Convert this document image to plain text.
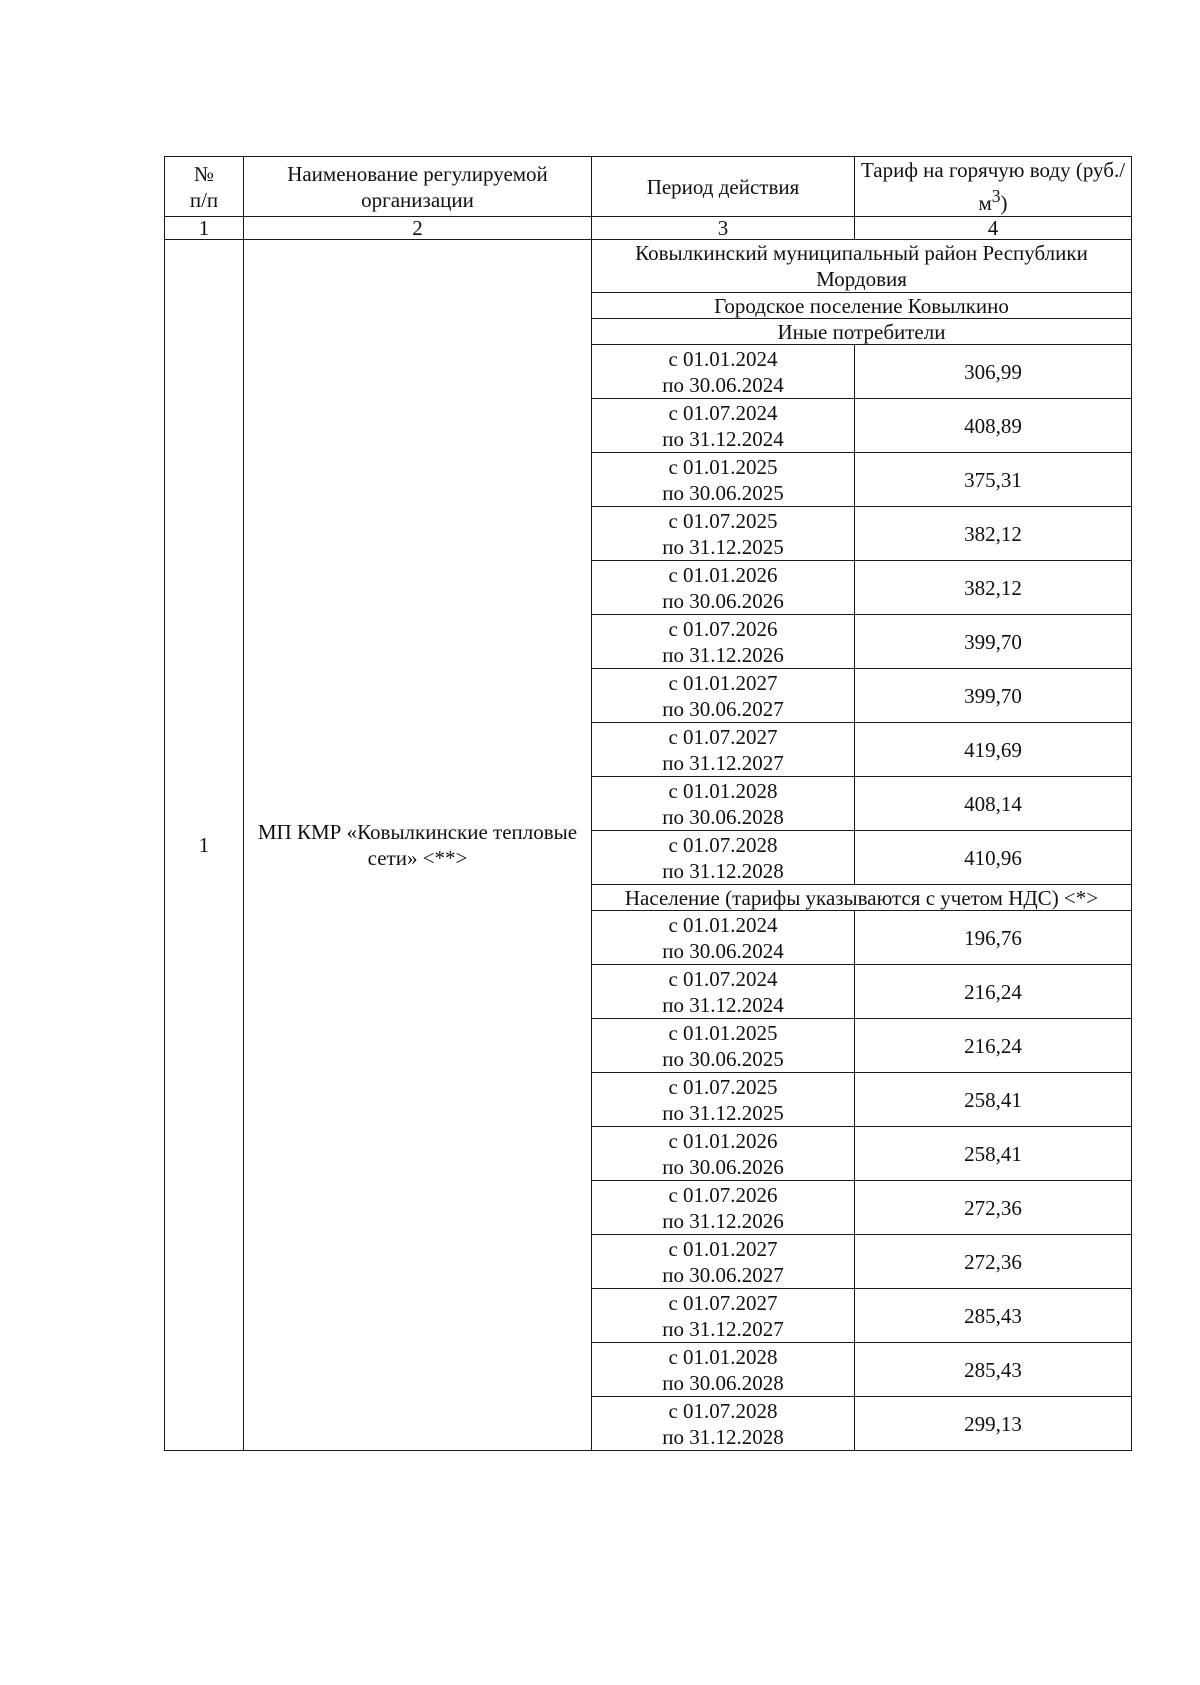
№
п/п	Наименование регулируемой организации	Период действия	Тариф на горячую воду $(руб./м^3)$
1	2	3	4
1	МП КМР «Ковылкинские тепловые сети» <**>	Ковылкинский муниципальный район Республики Мордовия	
		Городское поселение Ковылкино	
		Иные потребители	

		с 01.01.2024
по 30.06.2024	306,99

		с 01.07.2024
по 31.12.2024	408,89

		с 01.01.2025
по 30.06.2025	375,31

		с 01.07.2025
по 31.12.2025	382,12

		с 01.01.2026
по 30.06.2026	382,12

		с 01.07.2026
по 31.12.2026	399,70

		с 01.01.2027
по 30.06.2027	399,70

		с 01.07.2027
по 31.12.2027	419,69

		с 01.01.2028
по 30.06.2028	408,14

		с 01.07.2028
по 31.12.2028	410,96
		Население (тарифы указываются с учетом НДС) <*>	

		с 01.01.2024
по 30.06.2024	196,76

		с 01.07.2024
по 31.12.2024	216,24

		с 01.01.2025
по 30.06.2025	216,24

		с 01.07.2025
по 31.12.2025	258,41

		с 01.01.2026
по 30.06.2026	258,41

		с 01.07.2026
по 31.12.2026	272,36

		с 01.01.2027
по 30.06.2027	272,36

		с 01.07.2027
по 31.12.2027	285,43

		с 01.01.2028
по 30.06.2028	285,43

		с 01.07.2028
по 31.12.2028	299,13
